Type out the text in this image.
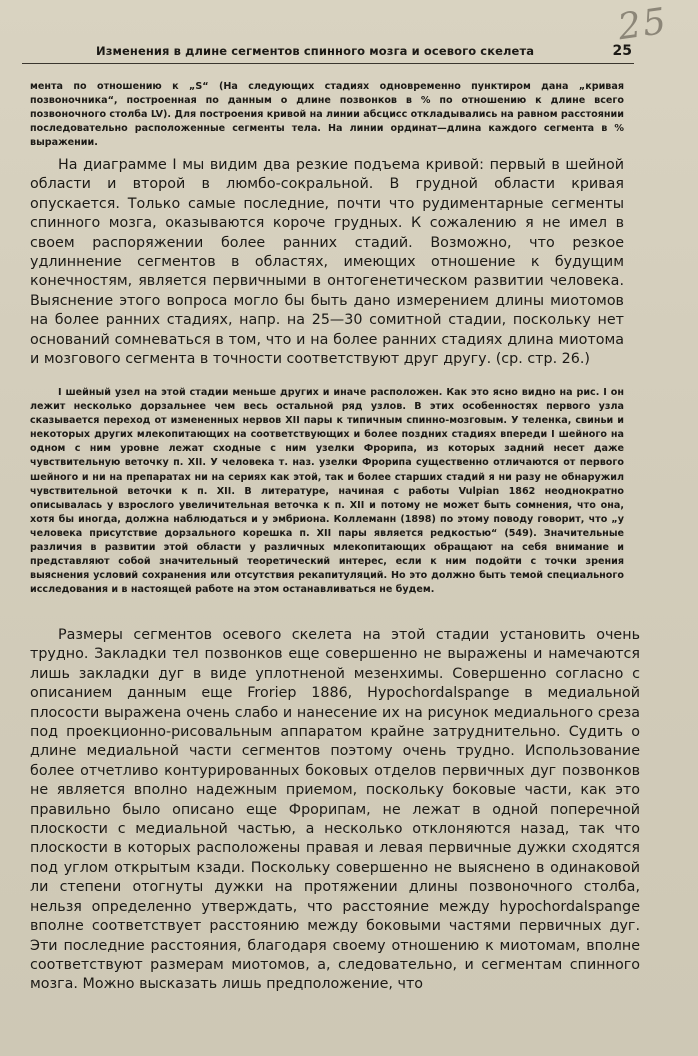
25
Изменения в длине сегментов спинного мозга и осевого скелета	25
мента по отношению к „S“ (На следующих стадиях одновременно пунктиром дана „кривая позвоночника“, построенная по данным о длине позвонков в % по отношению к длине всего позвоночного столба LV). Для построения кривой на линии абсцисс откладывались на равном расстоянии последовательно расположенные сегменты тела. На линии ординат—длина каждого сегмента в % выражении.
На диаграмме I мы видим два резкие подъема кривой: первый в шейной области и второй в люмбо-сокральной. В грудной области кривая опускается. Только самые последние, почти что рудиментарные сегменты спинного мозга, оказываются короче грудных. К сожалению я не имел в своем распоряжении более ранних стадий. Возможно, что резкое удлиннение сегментов в областях, имеющих отношение к будущим конечностям, является первичными в онтогенетическом развитии человека. Выяснение этого вопроса могло бы быть дано измерением длины миотомов на более ранних стадиях, напр. на 25—30 сомитной стадии, поскольку нет оснований сомневаться в том, что и на более ранних стадиях длина миотома и мозгового сегмента в точности соответствуют друг другу. (ср. стр. 26.)
I шейный узел на этой стадии меньше других и иначе расположен. Как это ясно видно на рис. I он лежит несколько дорзальнее чем весь остальной ряд узлов. В этих особенностях первого узла сказывается переход от измененных нервов XII пары к типичным спинно-мозговым. У теленка, свиньи и некоторых других млекопитающих на соответствующих и более поздних стадиях впереди I шейного на одном с ним уровне лежат сходные с ним узелки Фрорипа, из которых задний несет даже чувствительную веточку п. XII. У человека т. наз. узелки Фрорипа существенно отличаются от первого шейного и ни на препаратах ни на сериях как этой, так и более старших стадий я ни разу не обнаружил чувствительной веточки к п. XII. В литературе, начиная с работы Vulpian 1862 неоднократно описывалась у взрослого увеличительная веточка к п. XII и потому не может быть сомнения, что она, хотя бы иногда, должна наблюдаться и у эмбриона. Коллеманн (1898) по этому поводу говорит, что „у человека присутствие дорзального корешка п. XII пары является редкостью“ (549). Значительные различия в развитии этой области у различных млекопитающих обращают на себя внимание и представляют собой значительный теоретический интерес, если к ним подойти с точки зрения выяснения условий сохранения или отсутствия рекапитуляций. Но это должно быть темой специального исследования и в настоящей работе на этом останавливаться не будем.
Размеры сегментов осевого скелета на этой стадии установить очень трудно. Закладки тел позвонков еще совершенно не выражены и намечаются лишь закладки дуг в виде уплотненой мезенхимы. Совершенно согласно с описанием данным еще Froriep 1886, Hypochordalspange в медиальной плосости выражена очень слабо и нанесение их на рисунок медиального среза под проекционно-рисовальным аппаратом крайне затруднительно. Судить о длине медиальной части сегментов поэтому очень трудно. Использование более отчетливо контурированных боковых отделов первичных дуг позвонков не является вполно надежным приемом, поскольку боковые части, как это правильно было описано еще Фрорипам, не лежат в одной поперечной плоскости с медиальной частью, а несколько отклоняются назад, так что плоскости в которых расположены правая и левая первичные дужки сходятся под углом открытым кзади. Поскольку совершенно не выяснено в одинаковой ли степени отогнуты дужки на протяжении длины позвоночного столба, нельзя определенно утверждать, что расстояние между hypochordalspange вполне соответствует расстоянию между боковыми частями первичных дуг. Эти последние расстояния, благодаря своему отношению к миотомам, вполне соответствуют размерам миотомов, а, следовательно, и сегментам спинного мозга. Можно высказать лишь предположение, что
